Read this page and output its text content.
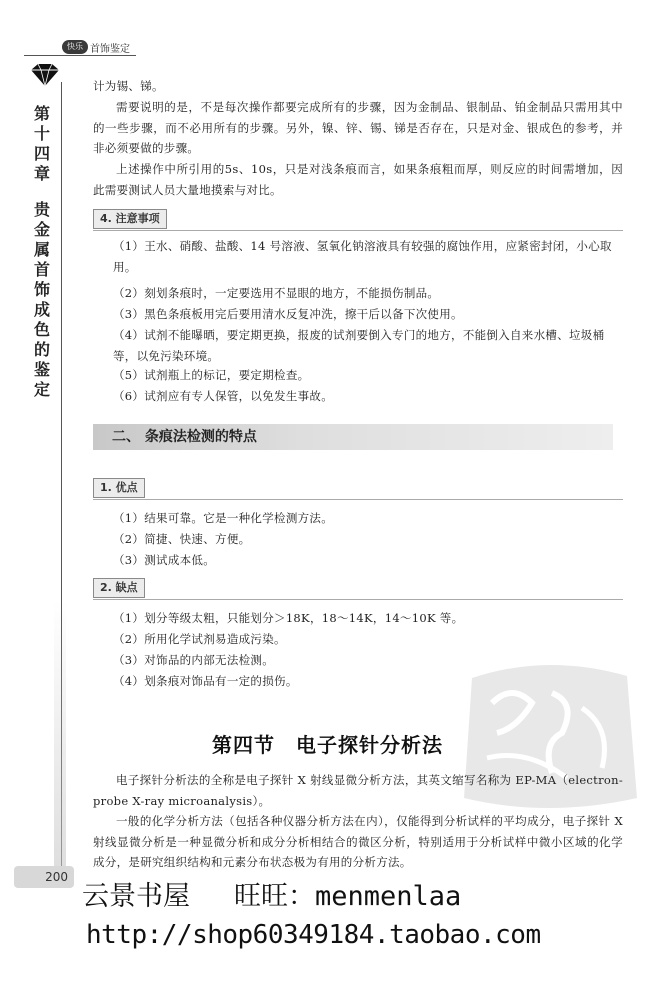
快乐 首饰鉴定
第
十
四
章
贵
金
属
首
饰
成
色
的
鉴
定
计为锡、锑。
需要说明的是，不是每次操作都要完成所有的步骤，因为金制品、银制品、铂金制品只需用其中的一些步骤，而不必用所有的步骤。另外，镍、锌、锡、锑是否存在，只是对金、银成色的参考，并非必须要做的步骤。
上述操作中所引用的5s、10s，只是对浅条痕而言，如果条痕粗而厚，则反应的时间需增加，因此需要测试人员大量地摸索与对比。
4. 注意事项
（1）王水、硝酸、盐酸、14 号溶液、氢氧化钠溶液具有较强的腐蚀作用，应紧密封闭，小心取用。
（2）刻划条痕时，一定要选用不显眼的地方，不能损伤制品。
（3）黑色条痕板用完后要用清水反复冲洗，擦干后以备下次使用。
（4）试剂不能曝晒，要定期更换，报废的试剂要倒入专门的地方，不能倒入自来水槽、垃圾桶等，以免污染环境。
（5）试剂瓶上的标记，要定期检查。
（6）试剂应有专人保管，以免发生事故。
二、 条痕法检测的特点
1. 优点
（1）结果可靠。它是一种化学检测方法。
（2）简捷、快速、方便。
（3）测试成本低。
2. 缺点
（1）划分等级太粗，只能划分＞18K，18～14K，14～10K 等。
（2）所用化学试剂易造成污染。
（3）对饰品的内部无法检测。
（4）划条痕对饰品有一定的损伤。
第四节　电子探针分析法
电子探针分析法的全称是电子探针 X 射线显微分析方法，其英文缩写名称为 EP-MA（electron-probe X-ray microanalysis）。
一般的化学分析方法（包括各种仪器分析方法在内），仅能得到分析试样的平均成分，电子探针 X 射线显微分析是一种显微分析和成分分析相结合的微区分析，特别适用于分析试样中微小区域的化学成分，是研究组织结构和元素分布状态极为有用的分析方法。
200
云景书屋 旺旺：menmenlaa
http://shop60349184.taobao.com
